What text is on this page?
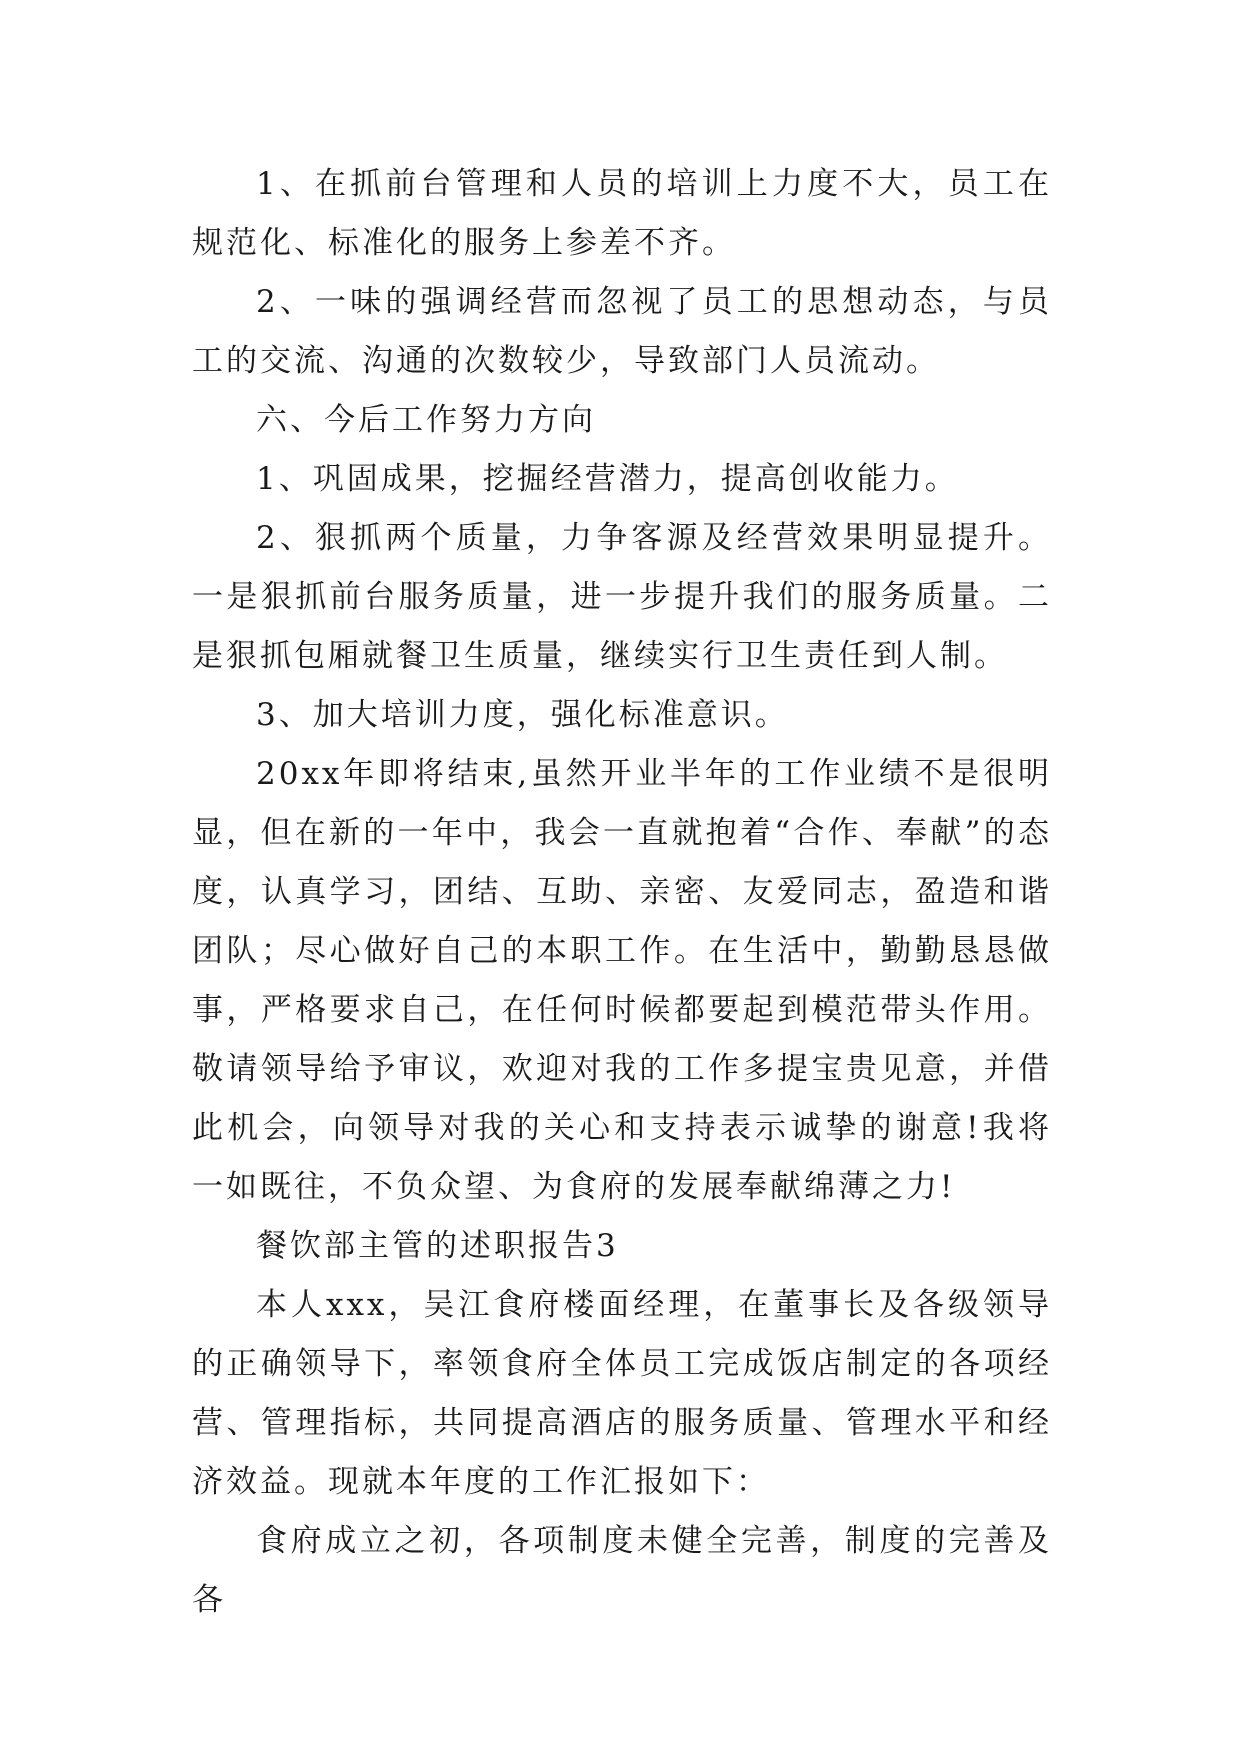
1、在抓前台管理和人员的培训上力度不大，员工在规范化、标准化的服务上参差不齐。

2、一味的强调经营而忽视了员工的思想动态，与员工的交流、沟通的次数较少，导致部门人员流动。

六、今后工作努力方向

1、巩固成果，挖掘经营潜力，提高创收能力。

2、狠抓两个质量，力争客源及经营效果明显提升。一是狠抓前台服务质量，进一步提升我们的服务质量。二是狠抓包厢就餐卫生质量，继续实行卫生责任到人制。

3、加大培训力度，强化标准意识。

20xx年即将结束,虽然开业半年的工作业绩不是很明显，但在新的一年中，我会一直就抱着“合作、奉献”的态度，认真学习，团结、互助、亲密、友爱同志，盈造和谐团队；尽心做好自己的本职工作。在生活中，勤勤恳恳做事，严格要求自己，在任何时候都要起到模范带头作用。敬请领导给予审议，欢迎对我的工作多提宝贵见意，并借此机会，向领导对我的关心和支持表示诚挚的谢意!我将一如既往，不负众望、为食府的发展奉献绵薄之力!

餐饮部主管的述职报告3

本人xxx，吴江食府楼面经理，在董事长及各级领导的正确领导下，率领食府全体员工完成饭店制定的各项经营、管理指标，共同提高酒店的服务质量、管理水平和经济效益。现就本年度的工作汇报如下：

食府成立之初，各项制度未健全完善，制度的完善及各
